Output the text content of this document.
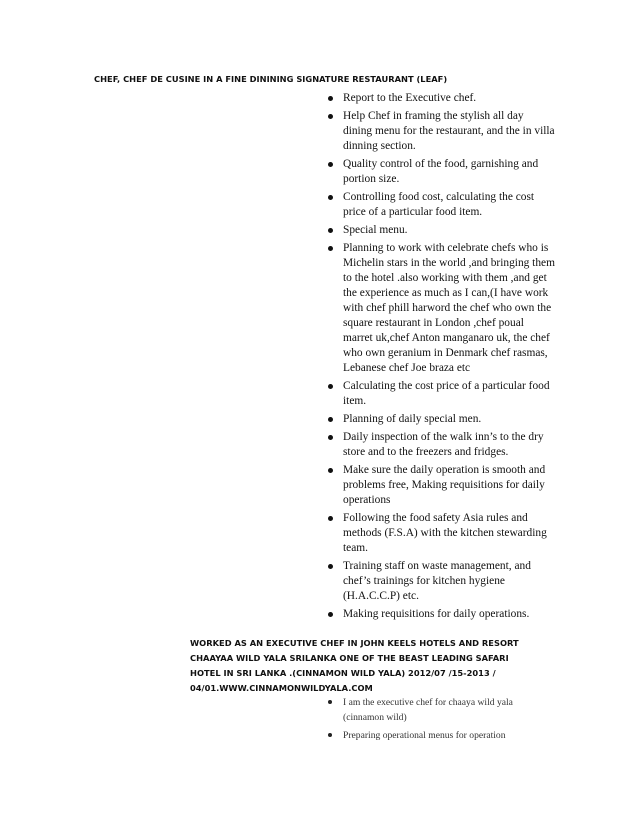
CHEF, CHEF DE CUSINE IN A FINE DININING SIGNATURE RESTAURANT (LEAF)
Report to the Executive chef.
Help Chef in framing the stylish all day dining menu for the restaurant, and the in villa dinning section.
Quality control of the food, garnishing and portion size.
Controlling food cost, calculating the cost price of a particular food item.
Special menu.
Planning to work with celebrate chefs who is Michelin stars in the world ,and bringing them to the hotel .also working with them ,and get the experience as much as I can,(I have work with chef phill harword the chef who own the square restaurant in London ,chef poual marret uk,chef Anton manganaro uk, the chef who own geranium in Denmark chef rasmas, Lebanese chef Joe braza etc
Calculating the cost price of a particular food item.
Planning of daily special men.
Daily inspection of the walk inn’s to the dry store and to the freezers and fridges.
Make sure the daily operation is smooth and problems free, Making requisitions for daily operations
Following the food safety Asia rules and methods (F.S.A) with the kitchen stewarding team.
Training staff on waste management, and chef’s trainings for kitchen hygiene (H.A.C.C.P) etc.
Making requisitions for daily operations.
WORKED AS AN EXECUTIVE CHEF IN JOHN KEELS HOTELS AND RESORT
CHAAYAA WILD YALA SRILANKA ONE OF THE BEAST LEADING SAFARI
HOTEL IN SRI LANKA .(CINNAMON WILD YALA) 2012/07 /15-2013 /
04/01.WWW.CINNAMONWILDYALA.COM
I am the executive chef for chaaya wild yala (cinnamon wild)
Preparing operational menus for operation
